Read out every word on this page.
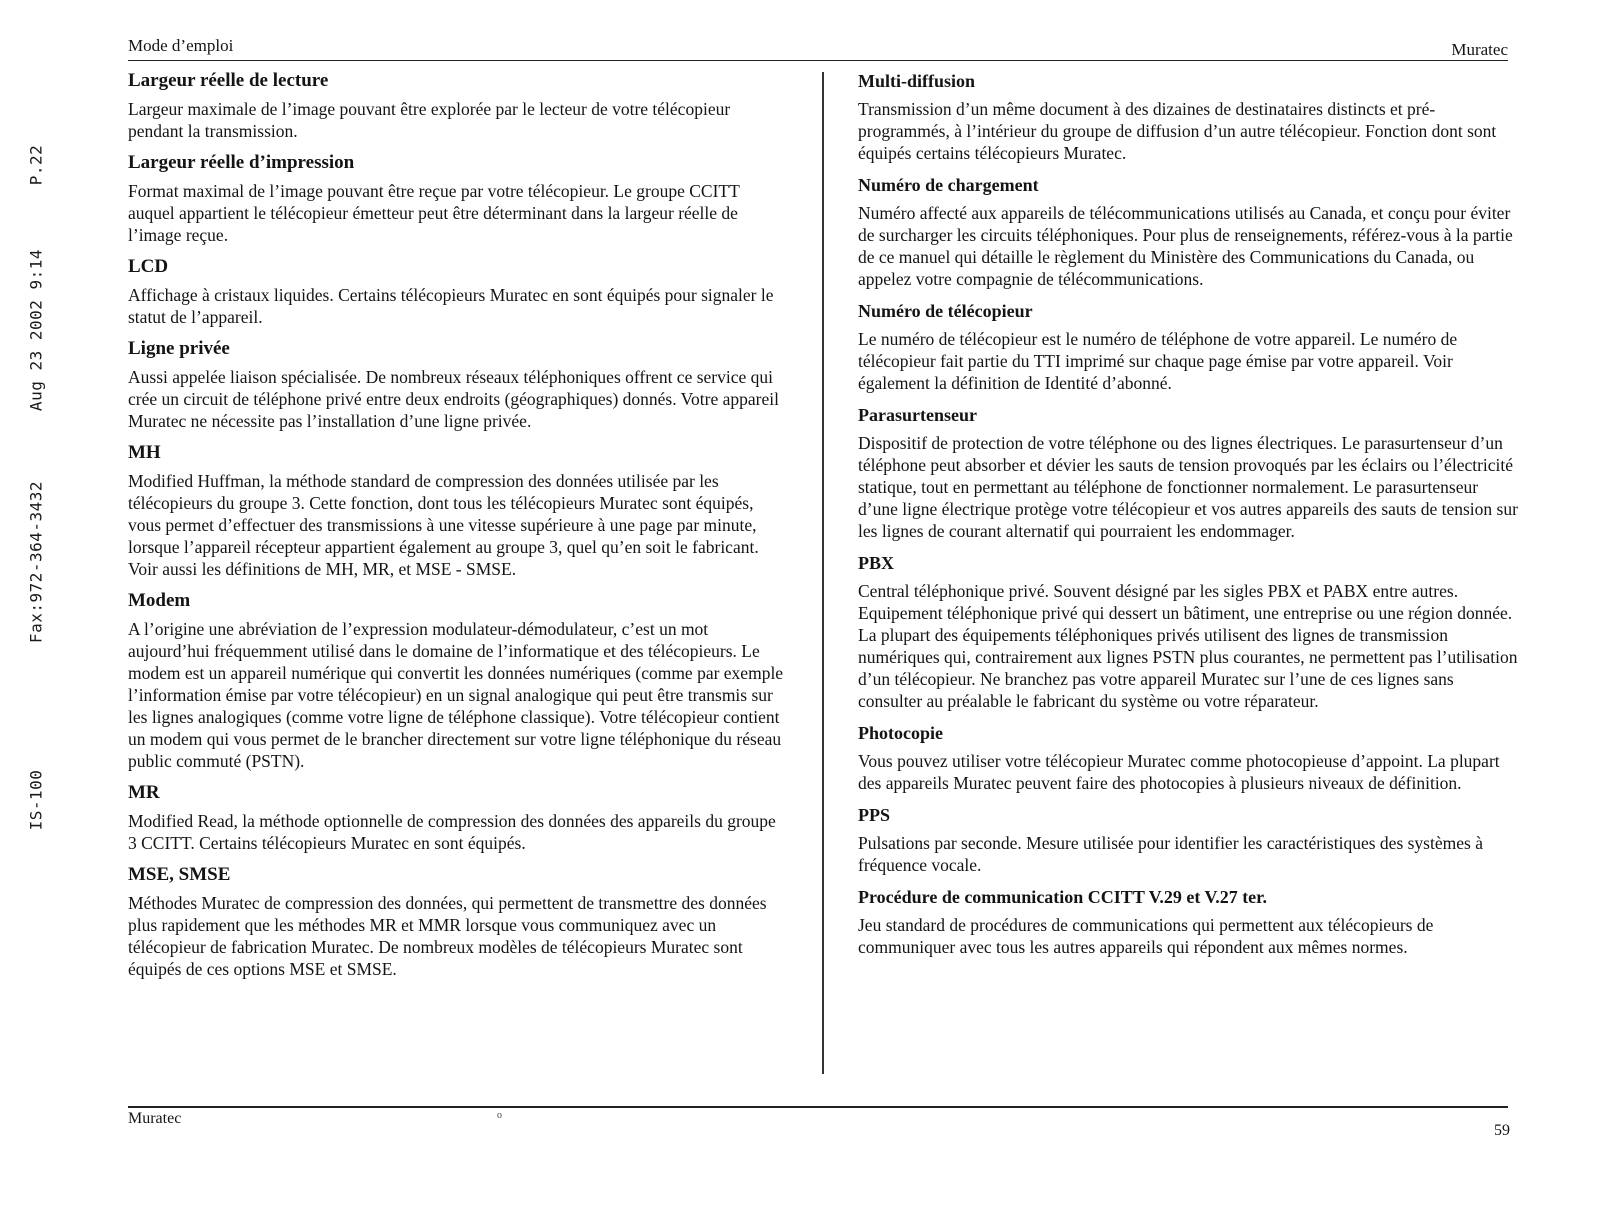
P.22
Aug 23 2002 9:14
Fax:972-364-3432
IS-100
Mode d’emploi	Muratec

Largeur réelle de lecture

Largeur maximale de l’image pouvant être explorée par le lecteur de votre télécopieur pendant la transmission.

Largeur réelle d’impression

Format maximal de l’image pouvant être reçue par votre télécopieur. Le groupe CCITT auquel appartient le télécopieur émetteur peut être déterminant dans la largeur réelle de l’image reçue.

LCD

Affichage à cristaux liquides. Certains télécopieurs Muratec en sont équipés pour signaler le statut de l’appareil.

Ligne privée

Aussi appelée liaison spécialisée. De nombreux réseaux téléphoniques offrent ce service qui crée un circuit de téléphone privé entre deux endroits (géographiques) donnés. Votre appareil Muratec ne nécessite pas l’installation d’une ligne privée.

MH

Modified Huffman, la méthode standard de compression des données utilisée par les télécopieurs du groupe 3. Cette fonction, dont tous les télécopieurs Muratec sont équipés, vous permet d’effectuer des transmissions à une vitesse supérieure à une page par minute, lorsque l’appareil récepteur appartient également au groupe 3, quel qu’en soit le fabricant. Voir aussi les définitions de MH, MR, et MSE - SMSE.

Modem

A l’origine une abréviation de l’expression modulateur-démodulateur, c’est un mot aujourd’hui fréquemment utilisé dans le domaine de l’informatique et des télécopieurs. Le modem est un appareil numérique qui convertit les données numériques (comme par exemple l’information émise par votre télécopieur) en un signal analogique qui peut être transmis sur les lignes analogiques (comme votre ligne de téléphone classique). Votre télécopieur contient un modem qui vous permet de le brancher directement sur votre ligne téléphonique du réseau public commuté (PSTN).

MR

Modified Read, la méthode optionnelle de compression des données des appareils du groupe 3 CCITT. Certains télécopieurs Muratec en sont équipés.

MSE, SMSE

Méthodes Muratec de compression des données, qui permettent de transmettre des données plus rapidement que les méthodes MR et MMR lorsque vous communiquez avec un télécopieur de fabrication Muratec. De nombreux modèles de télécopieurs Muratec sont équipés de ces options MSE et SMSE.

Multi-diffusion

Transmission d’un même document à des dizaines de destinataires distincts et pré-programmés, à l’intérieur du groupe de diffusion d’un autre télécopieur. Fonction dont sont équipés certains télécopieurs Muratec.

Numéro de chargement

Numéro affecté aux appareils de télécommunications utilisés au Canada, et conçu pour éviter de surcharger les circuits téléphoniques. Pour plus de renseignements, référez-vous à la partie de ce manuel qui détaille le règlement du Ministère des Communications du Canada, ou appelez votre compagnie de télécommunications.

Numéro de télécopieur

Le numéro de télécopieur est le numéro de téléphone de votre appareil. Le numéro de télécopieur fait partie du TTI imprimé sur chaque page émise par votre appareil. Voir également la définition de Identité d’abonné.

Parasurtenseur

Dispositif de protection de votre téléphone ou des lignes électriques. Le parasurtenseur d’un téléphone peut absorber et dévier les sauts de tension provoqués par les éclairs ou l’électricité statique, tout en permettant au téléphone de fonctionner normalement. Le parasurtenseur d’une ligne électrique protège votre télécopieur et vos autres appareils des sauts de tension sur les lignes de courant alternatif qui pourraient les endommager.

PBX

Central téléphonique privé. Souvent désigné par les sigles PBX et PABX entre autres. Equipement téléphonique privé qui dessert un bâtiment, une entreprise ou une région donnée. La plupart des équipements téléphoniques privés utilisent des lignes de transmission numériques qui, contrairement aux lignes PSTN plus courantes, ne permettent pas l’utilisation d’un télécopieur. Ne branchez pas votre appareil Muratec sur l’une de ces lignes sans consulter au préalable le fabricant du système ou votre réparateur.

Photocopie

Vous pouvez utiliser votre télécopieur Muratec comme photocopieuse d’appoint. La plupart des appareils Muratec peuvent faire des photocopies à plusieurs niveaux de définition.

PPS

Pulsations par seconde. Mesure utilisée pour identifier les caractéristiques des systèmes à fréquence vocale.

Procédure de communication CCITT V.29 et V.27 ter.

Jeu standard de procédures de communications qui permettent aux télécopieurs de communiquer avec tous les autres appareils qui répondent aux mêmes normes.

Muratec	o
59
